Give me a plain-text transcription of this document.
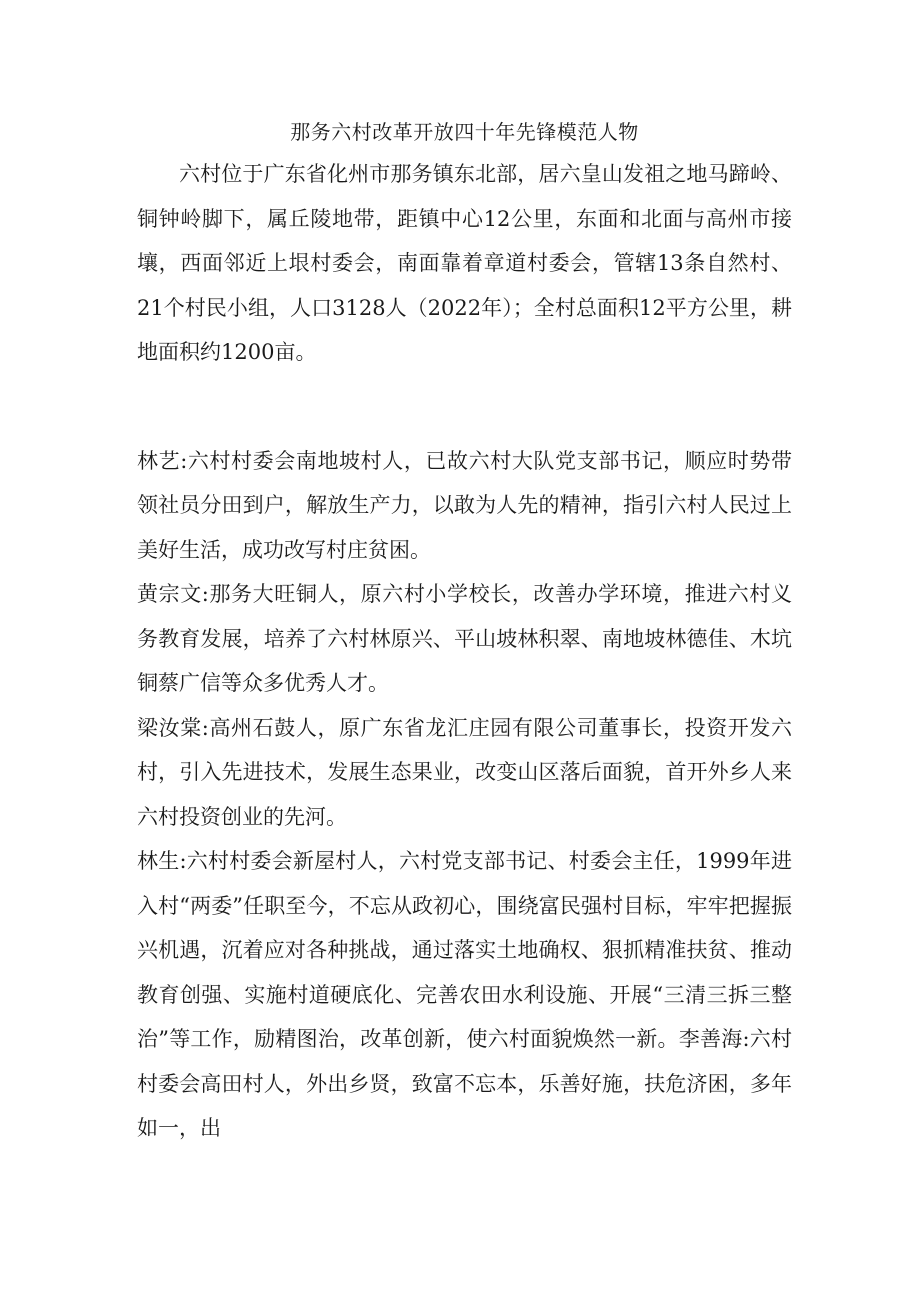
那务六村改革开放四十年先锋模范人物

六村位于广东省化州市那务镇东北部，居六皇山发祖之地马蹄岭、铜钟岭脚下，属丘陵地带，距镇中心12公里，东面和北面与高州市接壤，西面邻近上垠村委会，南面靠着章道村委会，管辖13条自然村、21个村民小组，人口3128人（2022年）；全村总面积12平方公里，耕地面积约1200亩。

林艺:六村村委会南地坡村人，已故六村大队党支部书记，顺应时势带领社员分田到户，解放生产力，以敢为人先的精神，指引六村人民过上美好生活，成功改写村庄贫困。

黄宗文:那务大旺铜人，原六村小学校长，改善办学环境，推进六村义务教育发展，培养了六村林原兴、平山坡林积翠、南地坡林德佳、木坑铜蔡广信等众多优秀人才。

梁汝棠:高州石鼓人，原广东省龙汇庄园有限公司董事长，投资开发六村，引入先进技术，发展生态果业，改变山区落后面貌，首开外乡人来六村投资创业的先河。

林生:六村村委会新屋村人，六村党支部书记、村委会主任，1999年进入村“两委”任职至今，不忘从政初心，围绕富民强村目标，牢牢把握振兴机遇，沉着应对各种挑战，通过落实土地确权、狠抓精准扶贫、推动教育创强、实施村道硬底化、完善农田水利设施、开展“三清三拆三整治”等工作，励精图治，改革创新，使六村面貌焕然一新。李善海:六村村委会高田村人，外出乡贤，致富不忘本，乐善好施，扶危济困，多年如一，出
